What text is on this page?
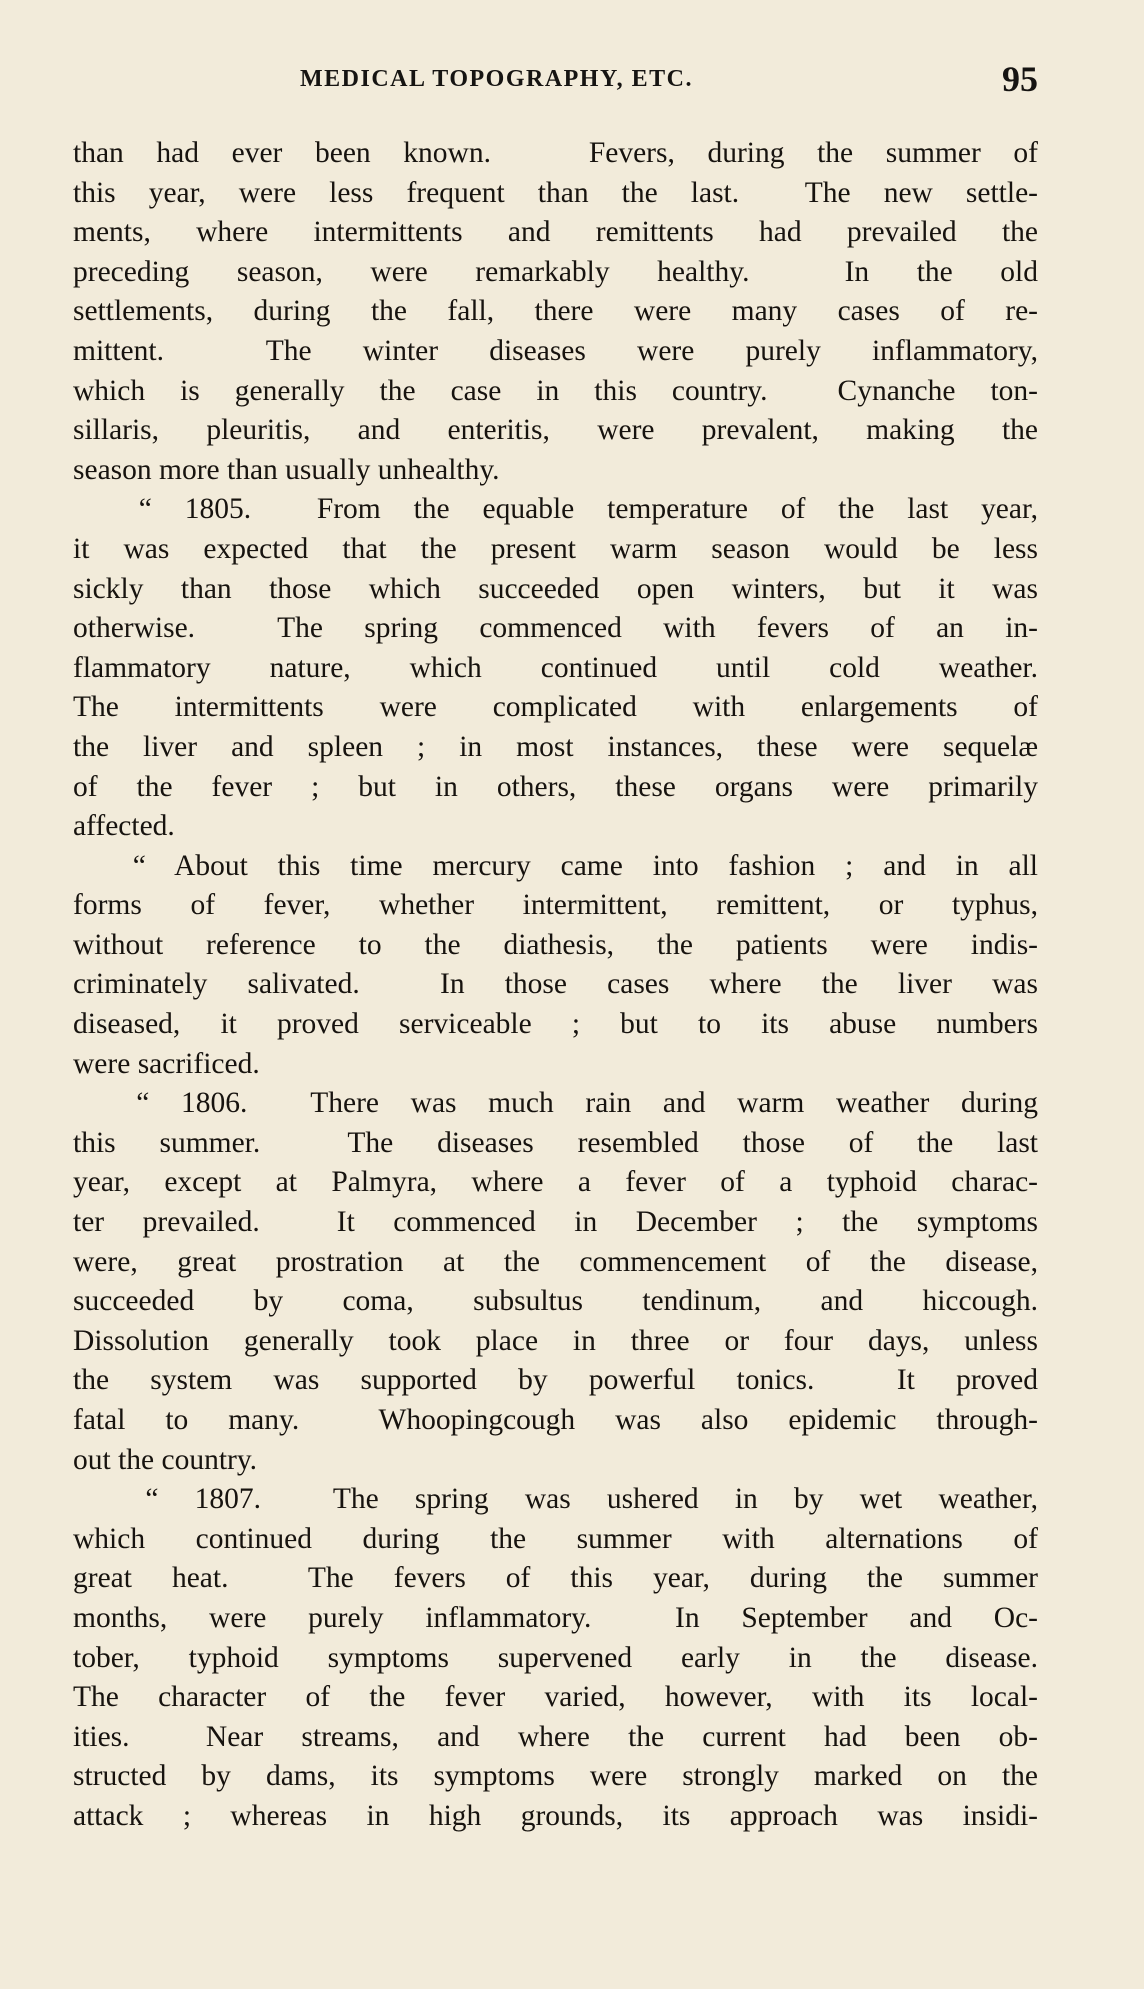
MEDICAL TOPOGRAPHY, ETC.	95
than had ever been known.   Fevers, during the summer of
this year, were less frequent than the last.  The new settle-
ments, where intermittents and remittents had prevailed the
preceding season, were remarkably healthy.  In the old
settlements, during the fall, there were many cases of re-
mittent.  The winter diseases were purely inflammatory,
which is generally the case in this country.  Cynanche ton-
sillaris, pleuritis, and enteritis, were prevalent, making the
season more than usually unhealthy.
“ 1805.  From the equable temperature of the last year,
it was expected that the present warm season would be less
sickly than those which succeeded open winters, but it was
otherwise.  The spring commenced with fevers of an in-
flammatory nature, which continued until cold weather.
The intermittents were complicated with enlargements of
the liver and spleen ; in most instances, these were sequelæ
of the fever ; but in others, these organs were primarily
affected.
“ About this time mercury came into fashion ; and in all
forms of fever, whether intermittent, remittent, or typhus,
without reference to the diathesis, the patients were indis-
criminately salivated.  In those cases where the liver was
diseased, it proved serviceable ; but to its abuse numbers
were sacrificed.
“ 1806.  There was much rain and warm weather during
this summer.  The diseases resembled those of the last
year, except at Palmyra, where a fever of a typhoid charac-
ter prevailed.  It commenced in December ; the symptoms
were, great prostration at the commencement of the disease,
succeeded by coma, subsultus tendinum, and hiccough.
Dissolution generally took place in three or four days, unless
the system was supported by powerful tonics.  It proved
fatal to many.  Whoopingcough was also epidemic through-
out the country.
“ 1807.  The spring was ushered in by wet weather,
which continued during the summer with alternations of
great heat.  The fevers of this year, during the summer
months, were purely inflammatory.  In September and Oc-
tober, typhoid symptoms supervened early in the disease.
The character of the fever varied, however, with its local-
ities.  Near streams, and where the current had been ob-
structed by dams, its symptoms were strongly marked on the
attack ; whereas in high grounds, its approach was insidi-
